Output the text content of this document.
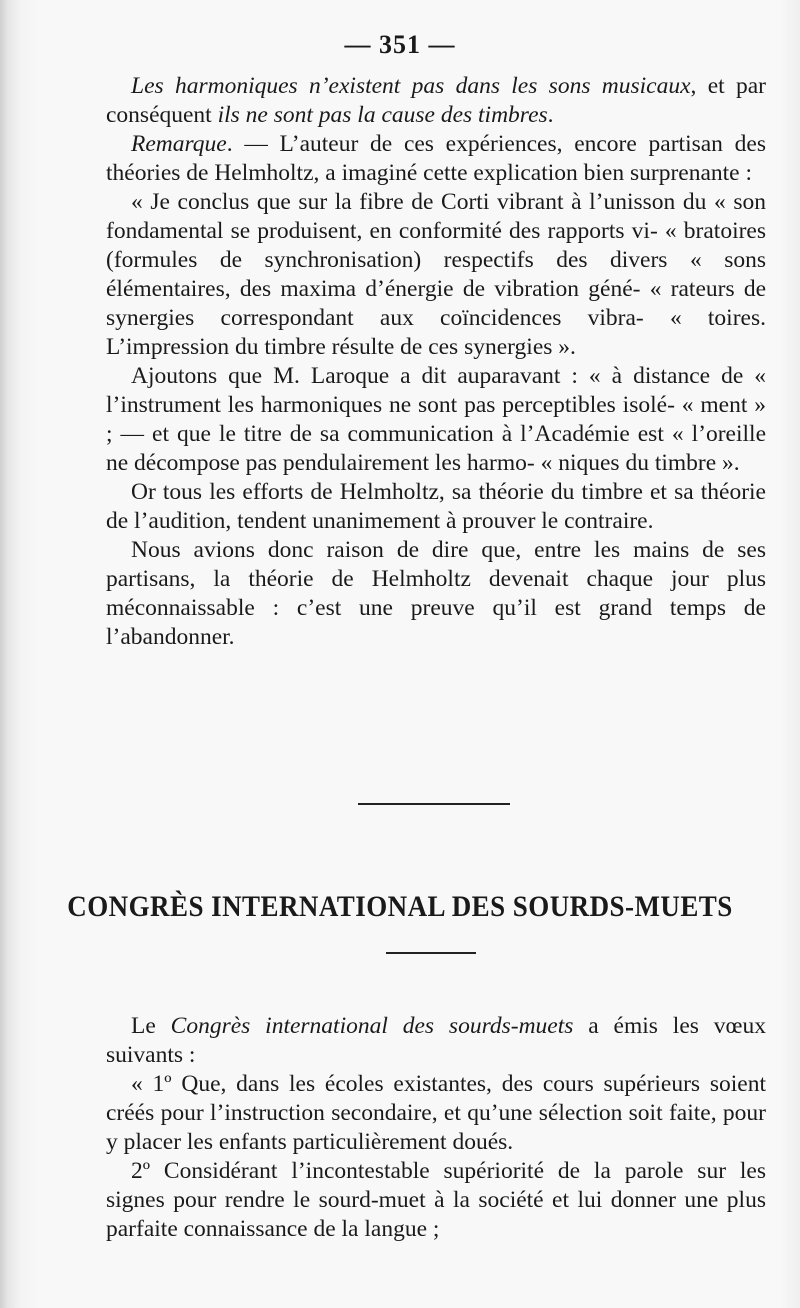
— 351 —

Les harmoniques n’existent pas dans les sons musicaux, et par conséquent ils ne sont pas la cause des timbres.

Remarque. — L’auteur de ces expériences, encore partisan des théories de Helmholtz, a imaginé cette explication bien surprenante :

« Je conclus que sur la fibre de Corti vibrant à l’unisson du « son fondamental se produisent, en conformité des rapports vi- « bratoires (formules de synchronisation) respectifs des divers « sons élémentaires, des maxima d’énergie de vibration géné- « rateurs de synergies correspondant aux coïncidences vibra- « toires. L’impression du timbre résulte de ces synergies ».

Ajoutons que M. Laroque a dit auparavant : « à distance de « l’instrument les harmoniques ne sont pas perceptibles isolé- « ment » ; — et que le titre de sa communication à l’Académie est « l’oreille ne décompose pas pendulairement les harmo- « niques du timbre ».

Or tous les efforts de Helmholtz, sa théorie du timbre et sa théorie de l’audition, tendent unanimement à prouver le contraire.

Nous avions donc raison de dire que, entre les mains de ses partisans, la théorie de Helmholtz devenait chaque jour plus méconnaissable : c’est une preuve qu’il est grand temps de l’abandonner.

CONGRÈS INTERNATIONAL DES SOURDS-MUETS

Le Congrès international des sourds-muets a émis les vœux suivants :

« 1º Que, dans les écoles existantes, des cours supérieurs soient créés pour l’instruction secondaire, et qu’une sélection soit faite, pour y placer les enfants particulièrement doués.

2º Considérant l’incontestable supériorité de la parole sur les signes pour rendre le sourd-muet à la société et lui donner une plus parfaite connaissance de la langue ;
